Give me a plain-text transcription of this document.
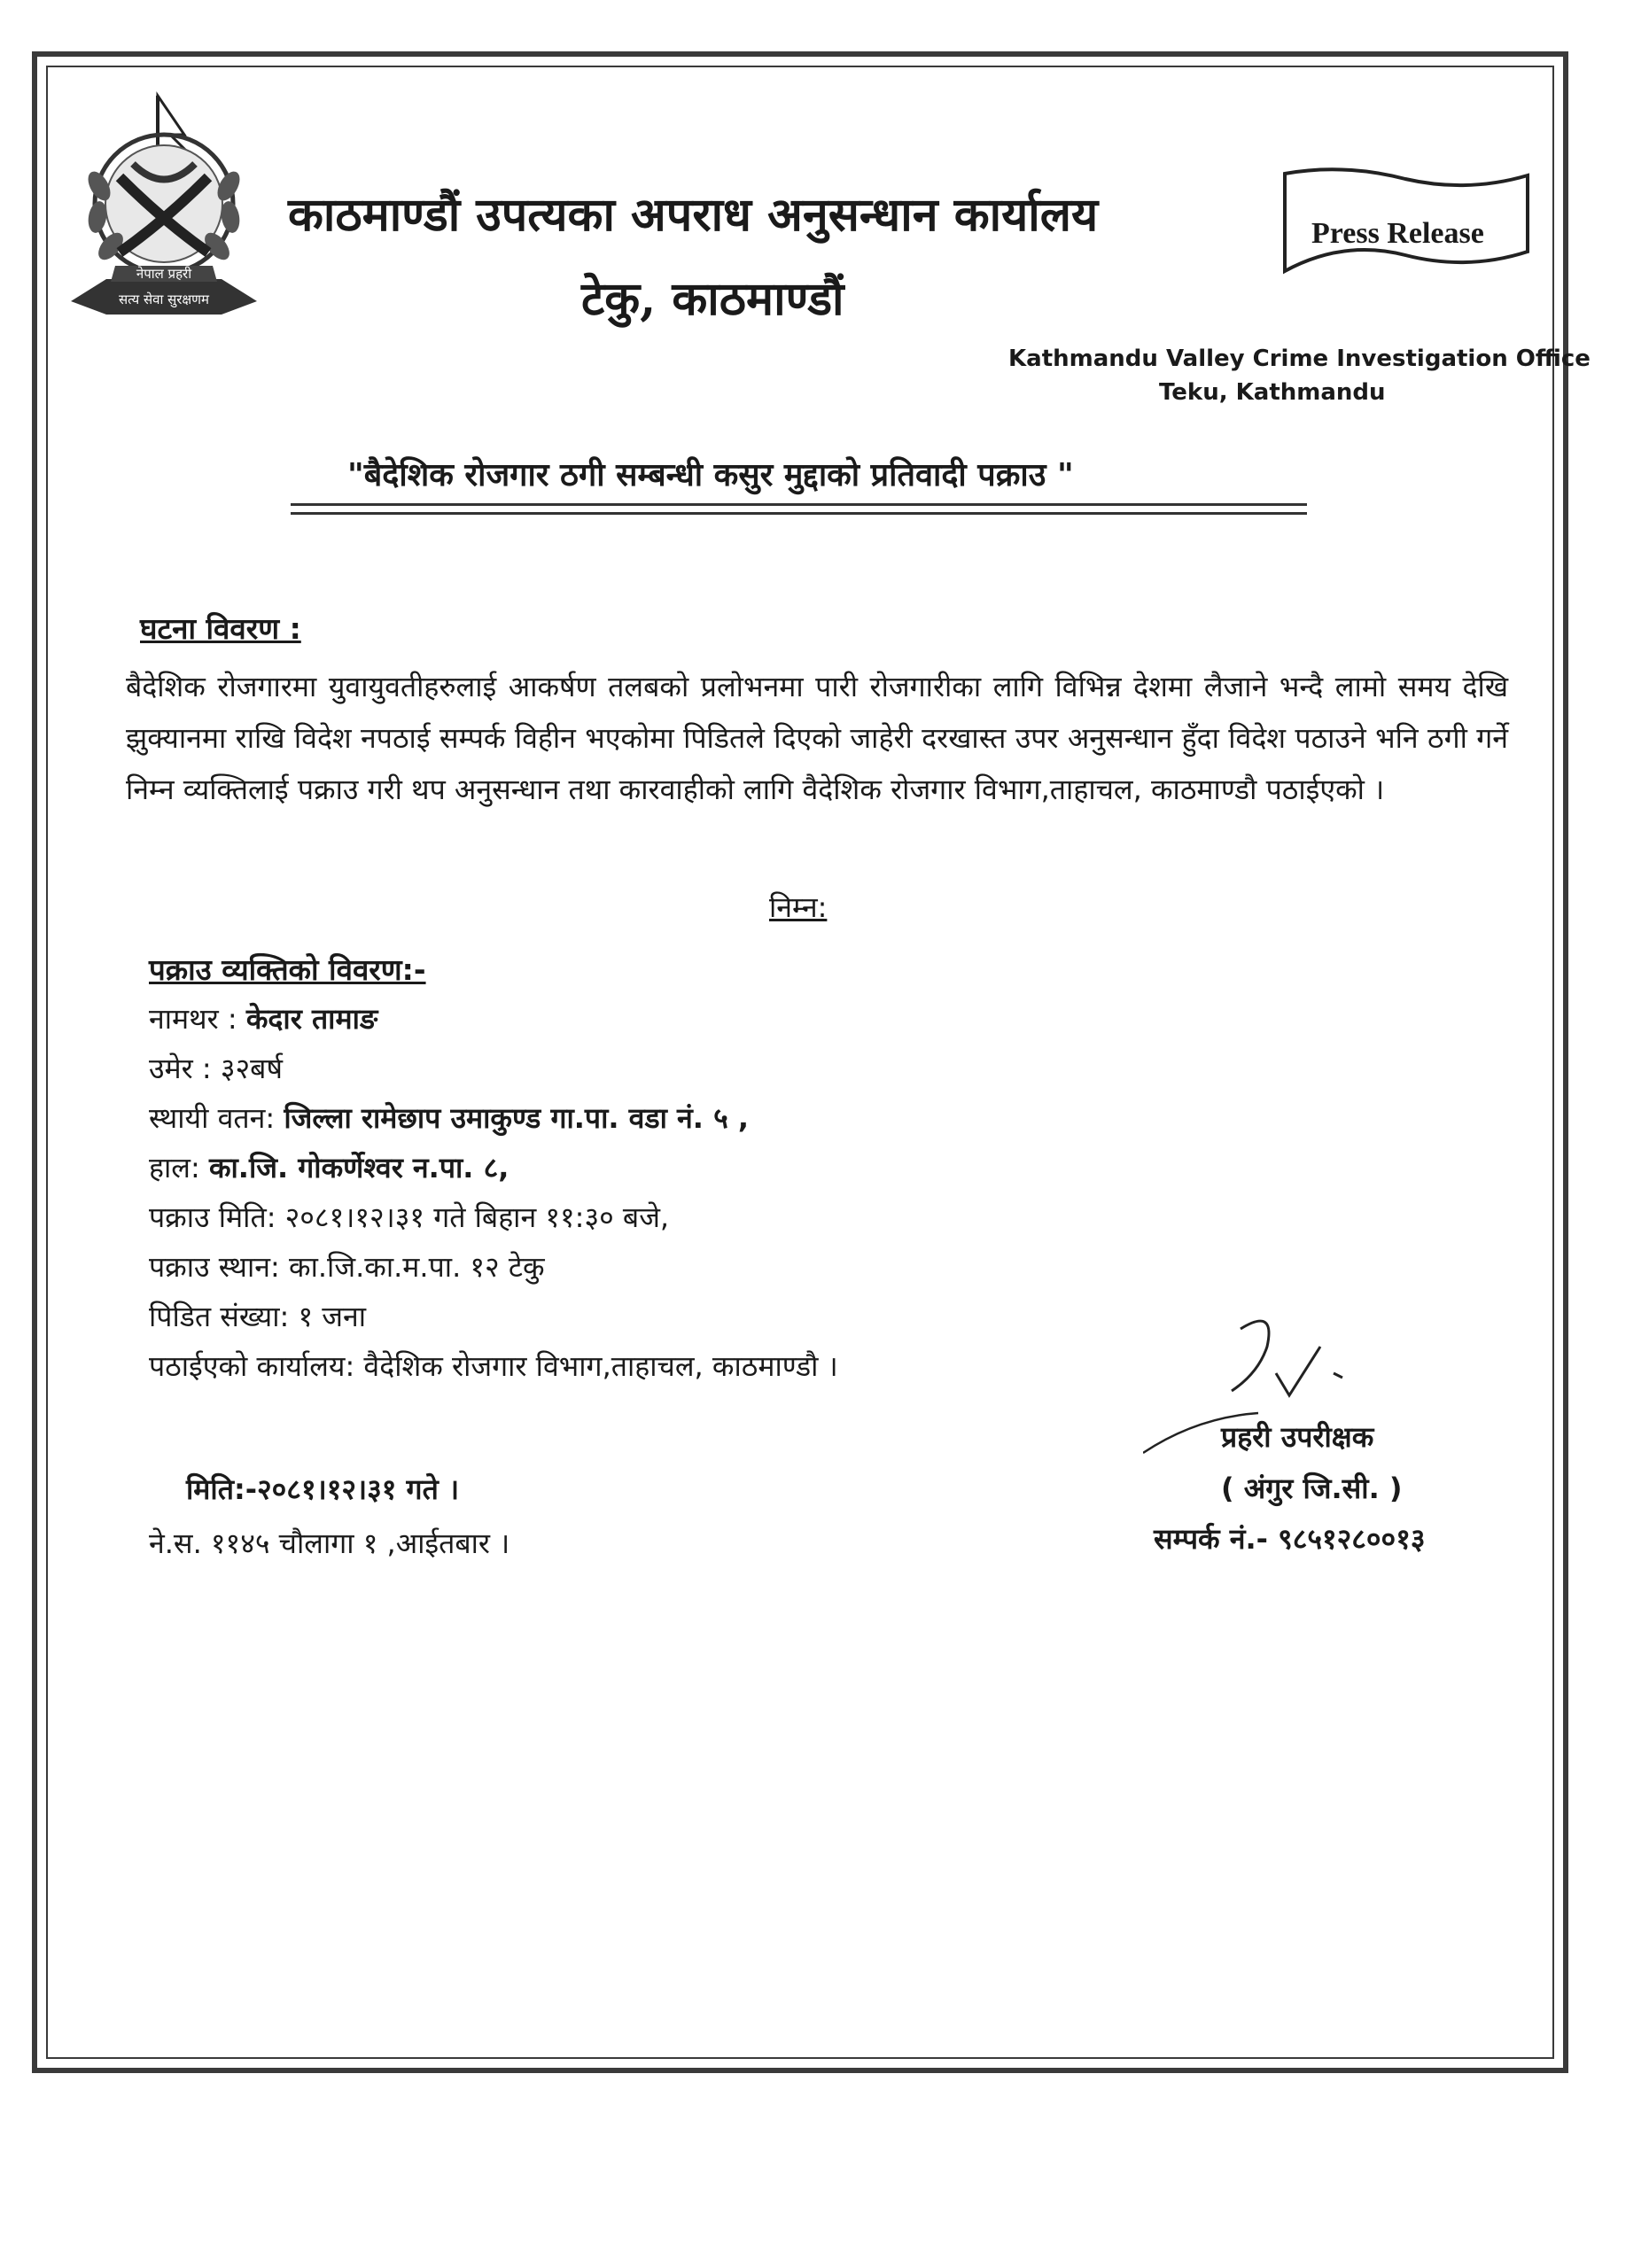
नेपाल प्रहरी
सत्य सेवा सुरक्षणम
काठमाण्डौं उपत्यका अपराध अनुसन्धान कार्यालय
टेकु, काठमाण्डौं
Press Release
Kathmandu Valley Crime Investigation Office
Teku, Kathmandu
"बैदेशिक रोजगार ठगी सम्बन्धी कसुर मुद्दाको प्रतिवादी पक्राउ "
घटना विवरण :
बैदेशिक रोजगारमा युवायुवतीहरुलाई आकर्षण तलबको प्रलोभनमा पारी रोजगारीका लागि विभिन्न देशमा लैजाने भन्दै लामो समय देखि झुक्यानमा राखि विदेश नपठाई सम्पर्क विहीन भएकोमा पिडितले दिएको जाहेरी दरखास्त उपर अनुसन्धान हुँदा विदेश पठाउने भनि ठगी गर्ने निम्न व्यक्तिलाई पक्राउ गरी थप अनुसन्धान तथा कारवाहीको लागि वैदेशिक रोजगार विभाग,ताहाचल, काठमाण्डौ पठाईएको ।
निम्न:
पक्राउ व्यक्तिको विवरण:-
नामथर : केदार तामाङ
उमेर : ३२बर्ष
स्थायी वतन: जिल्ला रामेछाप उमाकुण्ड गा.पा. वडा नं. ५ ,
हाल: का.जि. गोकर्णेश्वर न.पा. ८,
पक्राउ मिति: २०८१।१२।३१ गते बिहान ११:३० बजे,
पक्राउ स्थान: का.जि.का.म.पा. १२ टेकु
पिडित संख्या: १ जना
पठाईएको कार्यालय: वैदेशिक रोजगार विभाग,ताहाचल, काठमाण्डौ ।
मिति:-२०८१।१२।३१ गते ।
ने.स. ११४५ चौलागा १ ,आईतबार ।
प्रहरी उपरीक्षक
( अंगुर जि.सी. )
सम्पर्क नं.- ९८५१२८००१३
